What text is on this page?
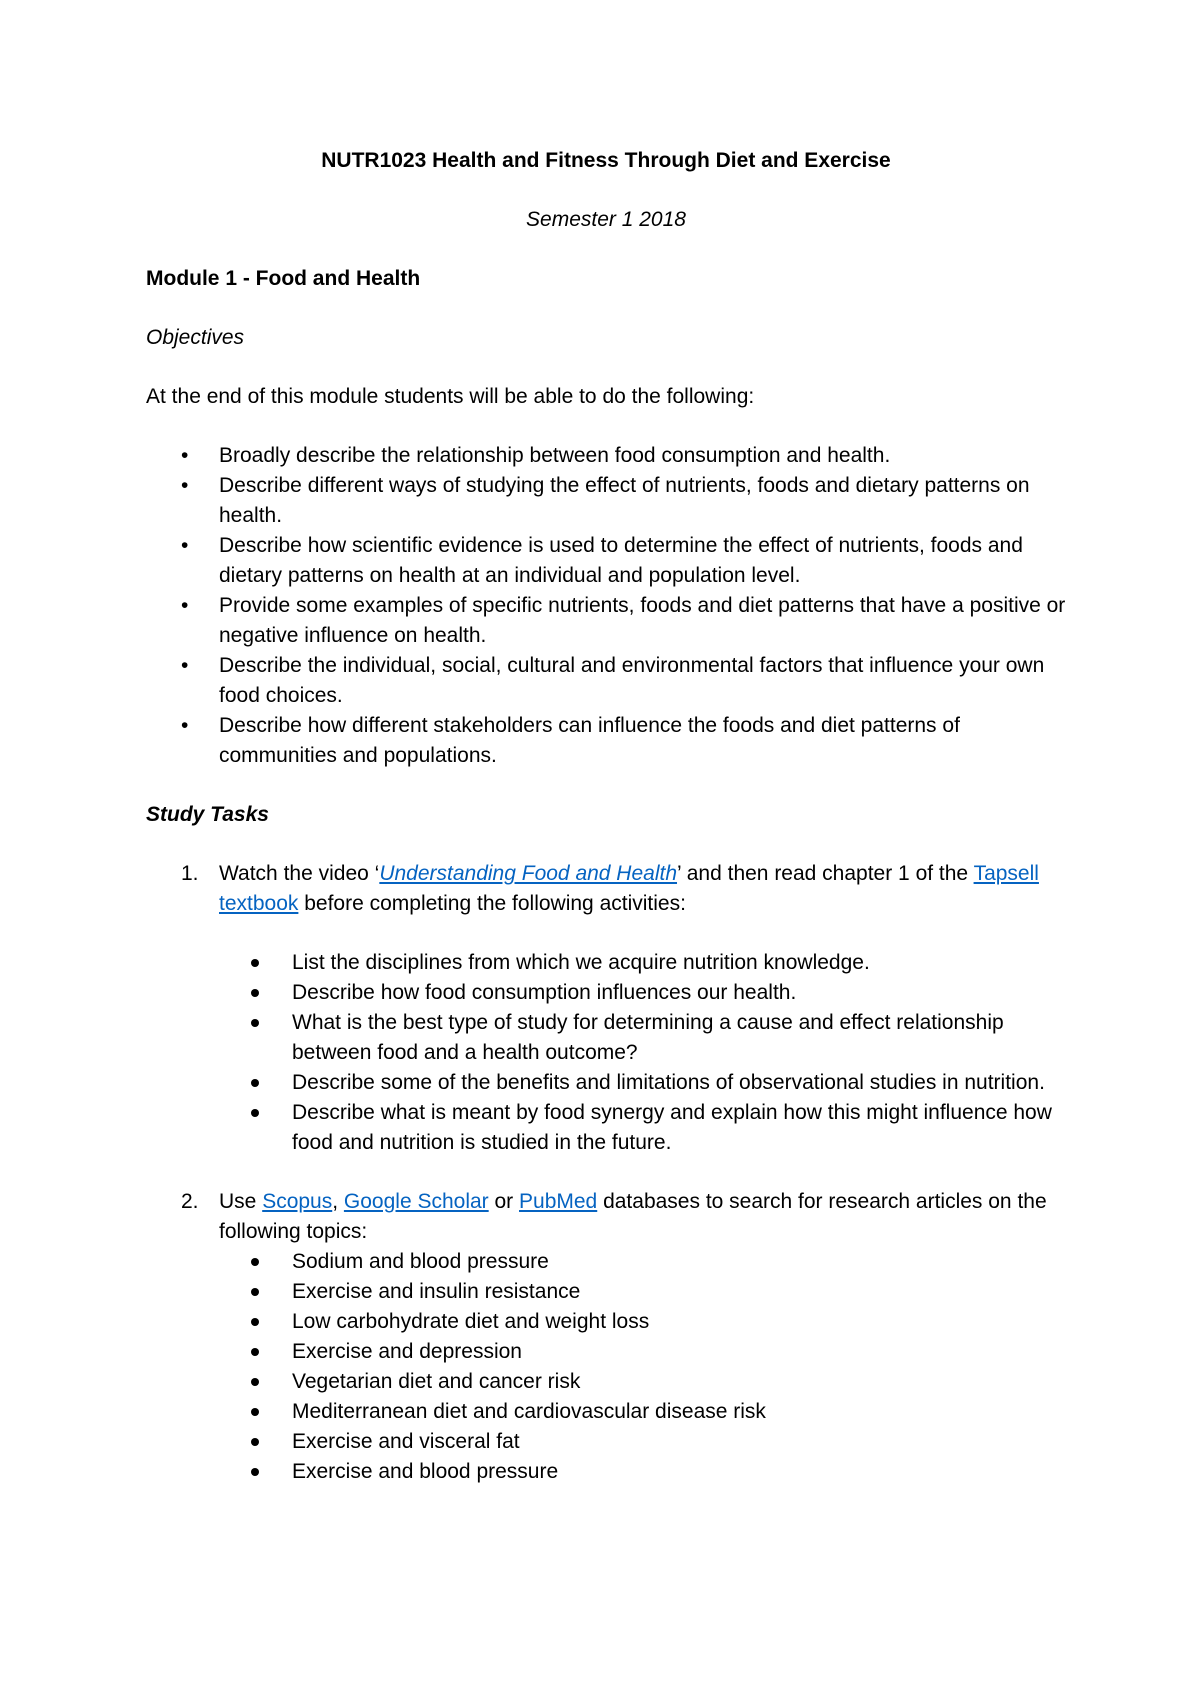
NUTR1023 Health and Fitness Through Diet and Exercise
Semester 1 2018
Module 1 - Food and Health
Objectives
At the end of this module students will be able to do the following:
• Broadly describe the relationship between food consumption and health.
• Describe different ways of studying the effect of nutrients, foods and dietary patterns on health.
• Describe how scientific evidence is used to determine the effect of nutrients, foods and dietary patterns on health at an individual and population level.
• Provide some examples of specific nutrients, foods and diet patterns that have a positive or negative influence on health.
• Describe the individual, social, cultural and environmental factors that influence your own food choices.
• Describe how different stakeholders can influence the foods and diet patterns of communities and populations.
Study Tasks
1. Watch the video ‘Understanding Food and Health’ and then read chapter 1 of the Tapsell textbook before completing the following activities:
List the disciplines from which we acquire nutrition knowledge.
Describe how food consumption influences our health.
What is the best type of study for determining a cause and effect relationship between food and a health outcome?
Describe some of the benefits and limitations of observational studies in nutrition.
Describe what is meant by food synergy and explain how this might influence how food and nutrition is studied in the future.
2. Use Scopus, Google Scholar or PubMed databases to search for research articles on the following topics:
Sodium and blood pressure
Exercise and insulin resistance
Low carbohydrate diet and weight loss
Exercise and depression
Vegetarian diet and cancer risk
Mediterranean diet and cardiovascular disease risk
Exercise and visceral fat
Exercise and blood pressure
